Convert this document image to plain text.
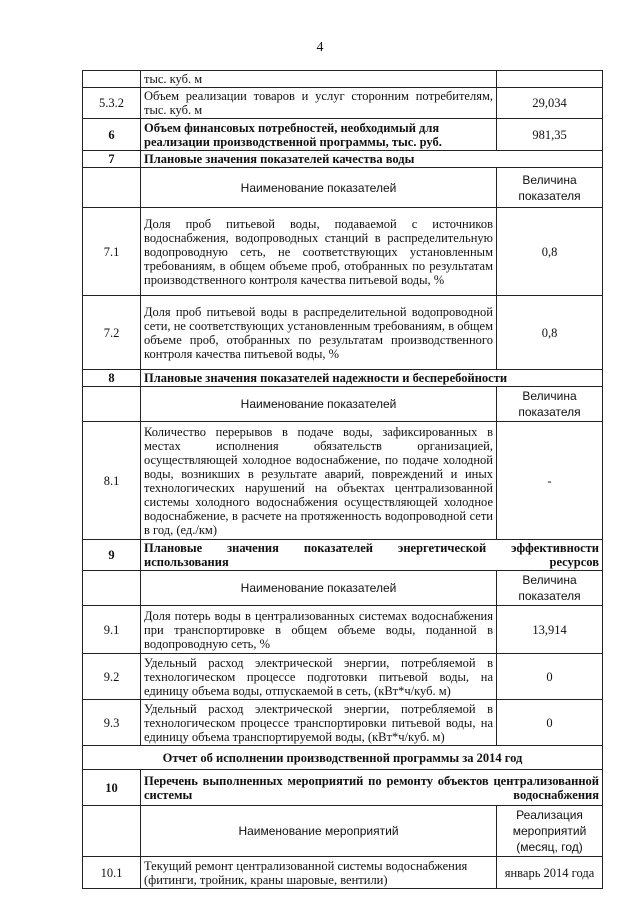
4
	тыс. куб. м	
5.3.2	Объем реализации товаров и услуг сторонним потребителям, тыс. куб. м	29,034
6	Объем финансовых потребностей, необходимый для реализации производственной программы, тыс. руб.	981,35
7	Плановые значения показателей качества воды	
	Наименование показателей	Величина показателя
7.1	Доля проб питьевой воды, подаваемой с источников водоснабжения, водопроводных станций в распределительную водопроводную сеть, не соответствующих установленным требованиям, в общем объеме проб, отобранных по результатам производственного контроля качества питьевой воды, %	0,8
7.2	Доля проб питьевой воды в распределительной водопроводной сети, не соответствующих установленным требованиям, в общем объеме проб, отобранных по результатам производственного контроля качества питьевой воды, %	0,8
8	Плановые значения показателей надежности и бесперебойности	
	Наименование показателей	Величина показателя
8.1	Количество перерывов в подаче воды, зафиксированных в местах исполнения обязательств организацией, осуществляющей холодное водоснабжение, по подаче холодной воды, возникших в результате аварий, повреждений и иных технологических нарушений на объектах централизованной системы холодного водоснабжения осуществляющей холодное водоснабжение, в расчете на протяженность водопроводной сети в год, (ед./км)	-
9	Плановые значения показателей энергетической эффективности использования ресурсов	
	Наименование показателей	Величина показателя
9.1	Доля потерь воды в централизованных системах водоснабжения при транспортировке в общем объеме воды, поданной в водопроводную сеть, %	13,914
9.2	Удельный расход электрической энергии, потребляемой в технологическом процессе подготовки питьевой воды, на единицу объема воды, отпускаемой в сеть, (кВт*ч/куб. м)	0
9.3	Удельный расход электрической энергии, потребляемой в технологическом процессе транспортировки питьевой воды, на единицу объема транспортируемой воды, (кВт*ч/куб. м)	0
Отчет об исполнении производственной программы за 2014 год		
10	Перечень выполненных мероприятий по ремонту объектов централизованной системы водоснабжения	
	Наименование мероприятий	Реализация мероприятий (месяц, год)
10.1	Текущий ремонт централизованной системы водоснабжения (фитинги, тройник, краны шаровые, вентили)	январь 2014 года
